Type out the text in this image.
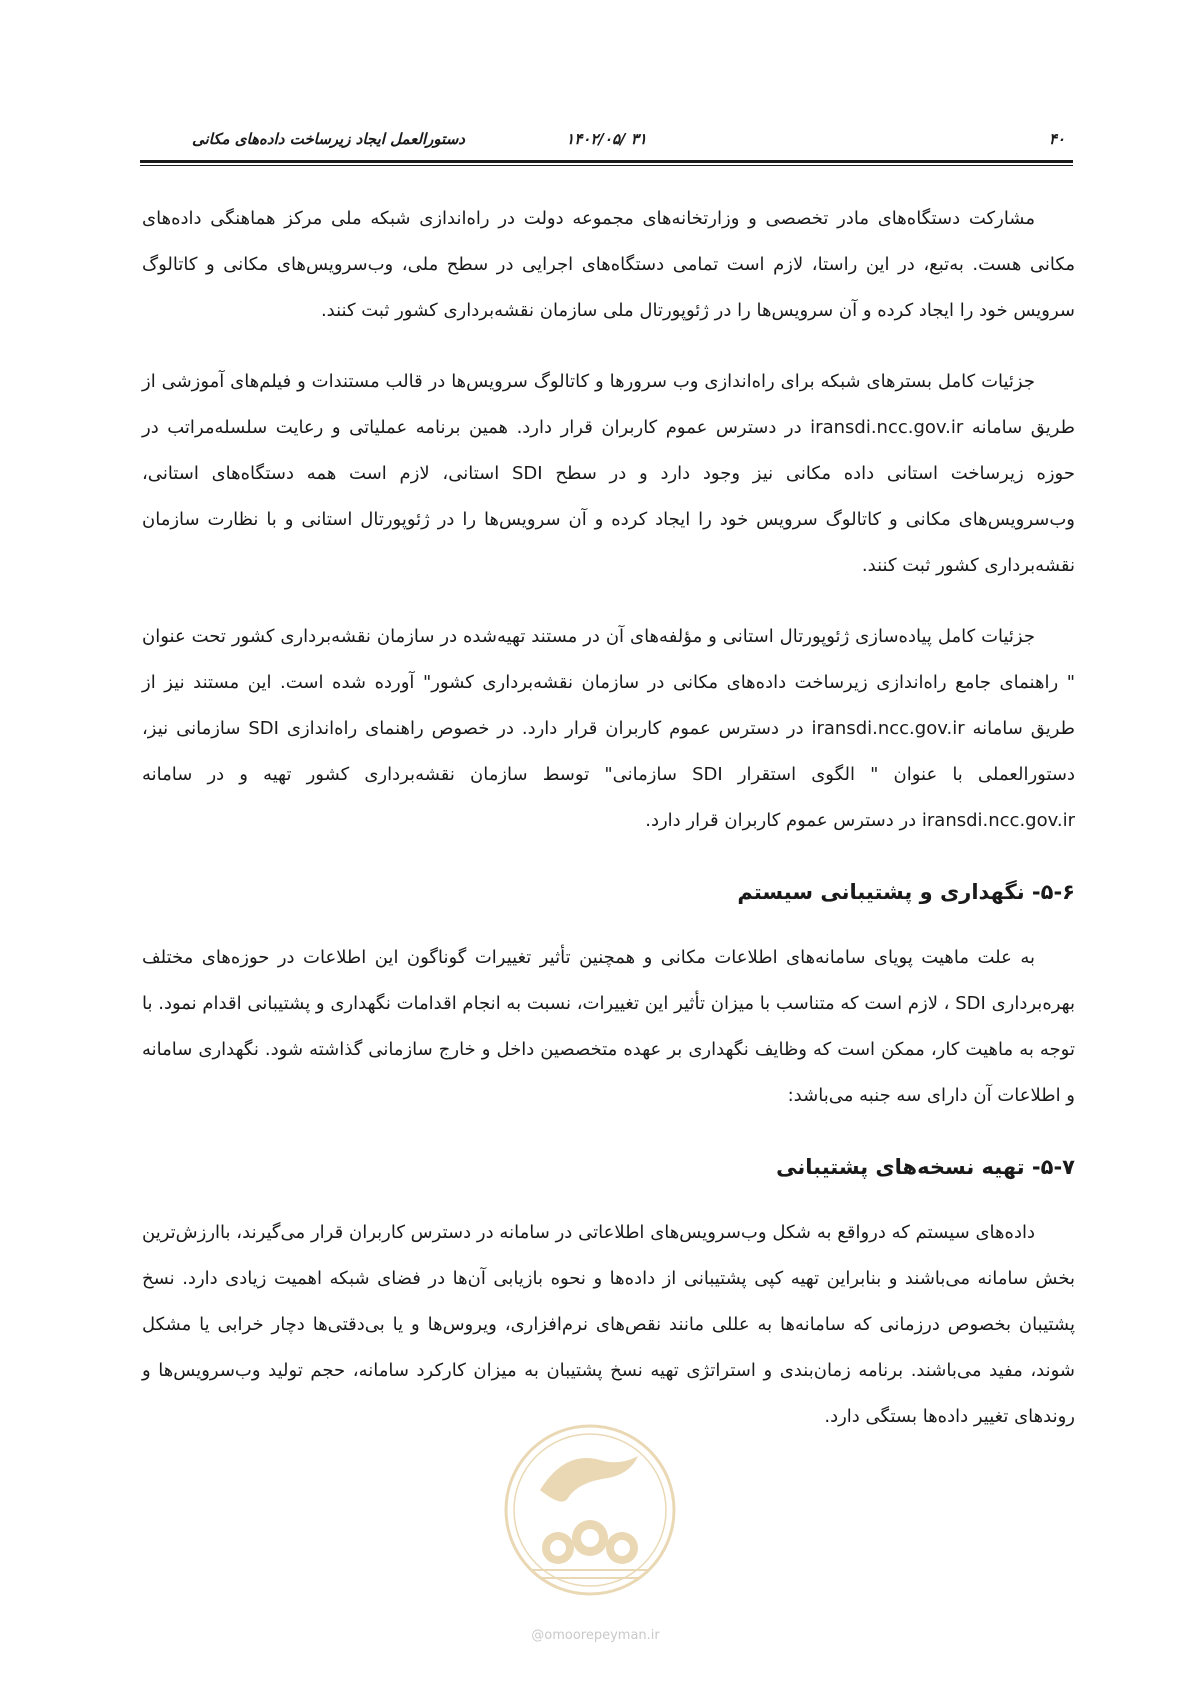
۴۰
۱۴۰۲/۰۵/ ۳۱
دستورالعمل ایجاد زیرساخت داده‌های مکانی

مشارکت دستگاه‌های مادر تخصصی و وزارتخانه‌های مجموعه دولت در راه‌اندازی شبکه ملی مرکز هماهنگی داده‌های مکانی هست. به‌تبع، در این راستا، لازم است تمامی دستگاه‌های اجرایی در سطح ملی، وب‌سرویس‌های مکانی و کاتالوگ سرویس خود را ایجاد کرده و آن سرویس‌ها را در ژئوپورتال ملی سازمان نقشه‌برداری کشور ثبت کنند.

جزئیات کامل بسترهای شبکه برای راه‌اندازی وب سرورها و کاتالوگ سرویس‌ها در قالب مستندات و فیلم‌های آموزشی از طریق سامانه iransdi.ncc.gov.ir در دسترس عموم کاربران قرار دارد. همین برنامه عملیاتی و رعایت سلسله‌مراتب در حوزه زیرساخت استانی داده مکانی نیز وجود دارد و در سطح SDI استانی، لازم است همه دستگاه‌های استانی، وب‌سرویس‌های مکانی و کاتالوگ سرویس خود را ایجاد کرده و آن سرویس‌ها را در ژئوپورتال استانی و با نظارت سازمان نقشه‌برداری کشور ثبت کنند.

جزئیات کامل پیاده‌سازی ژئوپورتال استانی و مؤلفه‌های آن در مستند تهیه‌شده در سازمان نقشه‌برداری کشور تحت عنوان " راهنمای جامع راه‌اندازی زیرساخت داده‌های مکانی در سازمان نقشه‌برداری کشور" آورده شده است. این مستند نیز از طریق سامانه iransdi.ncc.gov.ir در دسترس عموم کاربران قرار دارد. در خصوص راهنمای راه‌اندازی SDI سازمانی نیز، دستورالعملی با عنوان " الگوی استقرار SDI سازمانی" توسط سازمان نقشه‌برداری کشور تهیه و در سامانه iransdi.ncc.gov.ir در دسترس عموم کاربران قرار دارد.

۵-۶- نگهداری و پشتیبانی سیستم

به علت ماهیت پویای سامانه‌های اطلاعات مکانی و همچنین تأثیر تغییرات گوناگون این اطلاعات در حوزه‌های مختلف بهره‌برداری SDI ، لازم است که متناسب با میزان تأثیر این تغییرات، نسبت به انجام اقدامات نگهداری و پشتیبانی اقدام نمود. با توجه به ماهیت کار، ممکن است که وظایف نگهداری بر عهده متخصصین داخل و خارج سازمانی گذاشته شود. نگهداری سامانه و اطلاعات آن دارای سه جنبه می‌باشد:

۵-۷- تهیه نسخه‌های پشتیبانی

داده‌های سیستم که درواقع به شکل وب‌سرویس‌های اطلاعاتی در سامانه در دسترس کاربران قرار می‌گیرند، باارزش‌ترین بخش سامانه می‌باشند و بنابراین تهیه کپی پشتیبانی از داده‌ها و نحوه بازیابی آن‌ها در فضای شبکه اهمیت زیادی دارد. نسخ پشتیبان بخصوص درزمانی که سامانه‌ها به عللی مانند نقص‌های نرم‌افزاری، ویروس‌ها و یا بی‌دقتی‌ها دچار خرابی یا مشکل شوند، مفید می‌باشند. برنامه زمان‌بندی و استراتژی تهیه نسخ پشتیبان به میزان کارکرد سامانه، حجم تولید وب‌سرویس‌ها و روندهای تغییر داده‌ها بستگی دارد.

@omoorepeyman.ir
